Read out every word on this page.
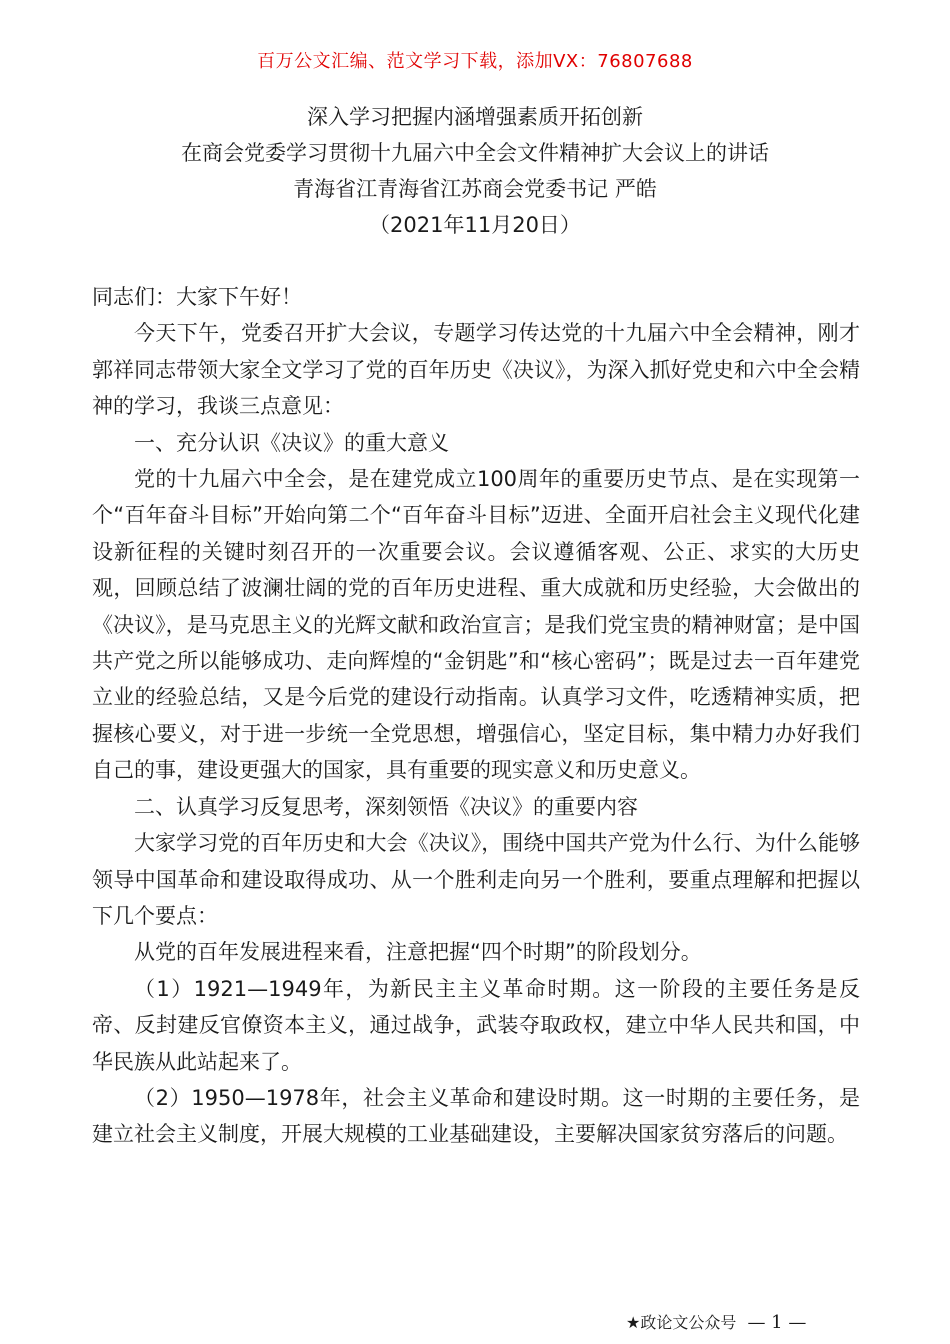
百万公文汇编、范文学习下载，添加VX：76807688
深入学习把握内涵增强素质开拓创新
在商会党委学习贯彻十九届六中全会文件精神扩大会议上的讲话
青海省江青海省江苏商会党委书记 严皓
（2021年11月20日）

同志们：大家下午好！

今天下午，党委召开扩大会议，专题学习传达党的十九届六中全会精神，刚才郭祥同志带领大家全文学习了党的百年历史《决议》，为深入抓好党史和六中全会精神的学习，我谈三点意见：

一、充分认识《决议》的重大意义

党的十九届六中全会，是在建党成立100周年的重要历史节点、是在实现第一个“百年奋斗目标”开始向第二个“百年奋斗目标”迈进、全面开启社会主义现代化建设新征程的关键时刻召开的一次重要会议。会议遵循客观、公正、求实的大历史观，回顾总结了波澜壮阔的党的百年历史进程、重大成就和历史经验，大会做出的《决议》，是马克思主义的光辉文献和政治宣言；是我们党宝贵的精神财富；是中国共产党之所以能够成功、走向辉煌的“金钥匙”和“核心密码”；既是过去一百年建党立业的经验总结，又是今后党的建设行动指南。认真学习文件，吃透精神实质，把握核心要义，对于进一步统一全党思想，增强信心，坚定目标，集中精力办好我们自己的事，建设更强大的国家，具有重要的现实意义和历史意义。

二、认真学习反复思考，深刻领悟《决议》的重要内容

大家学习党的百年历史和大会《决议》，围绕中国共产党为什么行、为什么能够领导中国革命和建设取得成功、从一个胜利走向另一个胜利，要重点理解和把握以下几个要点：

从党的百年发展进程来看，注意把握“四个时期”的阶段划分。

（1）1921—1949年，为新民主主义革命时期。这一阶段的主要任务是反帝、反封建反官僚资本主义，通过战争，武装夺取政权，建立中华人民共和国，中华民族从此站起来了。

（2）1950—1978年，社会主义革命和建设时期。这一时期的主要任务，是建立社会主义制度，开展大规模的工业基础建设，主要解决国家贫穷落后的问题。

★政论文公众号 — 1 —
